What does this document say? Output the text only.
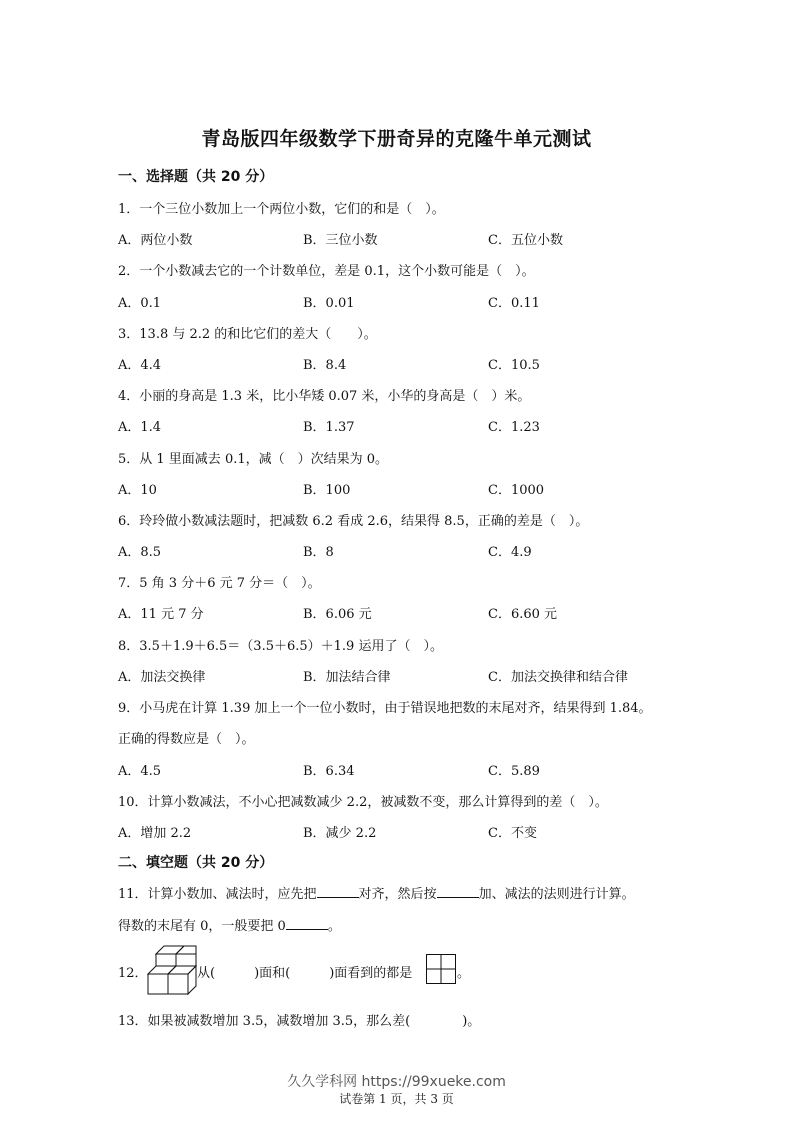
青岛版四年级数学下册奇异的克隆牛单元测试
一、选择题（共 20 分）
1．一个三位小数加上一个两位小数，它们的和是（　）。
A．两位小数	B．三位小数	C．五位小数
2．一个小数减去它的一个计数单位，差是 0.1，这个小数可能是（　）。
A．0.1	B．0.01	C．0.11
3．13.8 与 2.2 的和比它们的差大（　　）。
A．4.4	B．8.4	C．10.5
4．小丽的身高是 1.3 米，比小华矮 0.07 米，小华的身高是（　）米。
A．1.4	B．1.37	C．1.23
5．从 1 里面减去 0.1，减（　）次结果为 0。
A．10	B．100	C．1000
6．玲玲做小数减法题时，把减数 6.2 看成 2.6，结果得 8.5，正确的差是（　）。
A．8.5	B．8	C．4.9
7．5 角 3 分＋6 元 7 分＝（　）。
A．11 元 7 分	B．6.06 元	C．6.60 元
8．3.5＋1.9＋6.5＝（3.5＋6.5）＋1.9 运用了（　）。
A．加法交换律	B．加法结合律	C．加法交换律和结合律
9．小马虎在计算 1.39 加上一个一位小数时，由于错误地把数的末尾对齐，结果得到 1.84。
正确的得数应是（　）。
A．4.5	B．6.34	C．5.89
10．计算小数减法，不小心把减数减少 2.2，被减数不变，那么计算得到的差（　）。
A．增加 2.2	B．减少 2.2	C．不变
二、填空题（共 20 分）
11．计算小数加、减法时，应先把	对齐，然后按	加、减法的法则进行计算。
得数的末尾有 0，一般要把 0	。
12．	从(　　　)面和(　　　)面看到的都是	。
13．如果被减数增加 3.5，减数增加 3.5，那么差(　　　　)。
久久学科网 https://99xueke.com
试卷第 1 页，共 3 页
